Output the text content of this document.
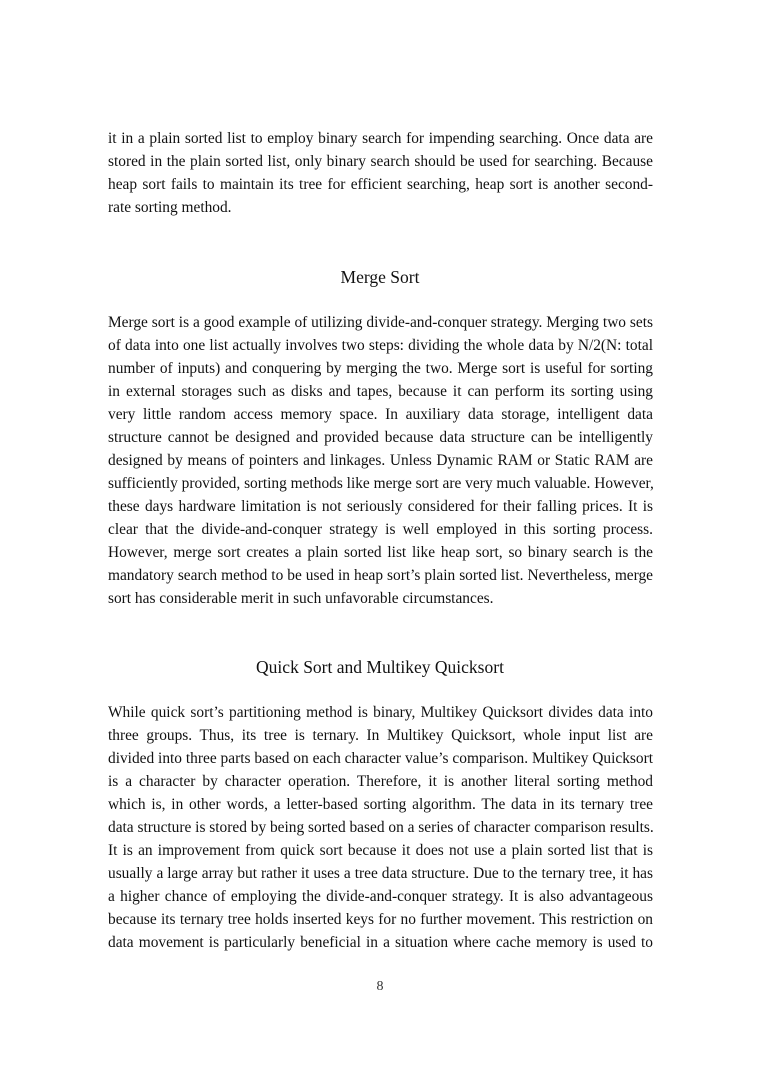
it in a plain sorted list to employ binary search for impending searching. Once data are
stored in the plain sorted list, only binary search should be used for searching. Because
heap sort fails to maintain its tree for efficient searching, heap sort is another second-
rate sorting method.
Merge Sort
Merge sort is a good example of utilizing divide-and-conquer strategy. Merging two sets
of data into one list actually involves two steps: dividing the whole data by N/2(N: total
number of inputs) and conquering by merging the two. Merge sort is useful for sorting
in external storages such as disks and tapes, because it can perform its sorting using
very little random access memory space. In auxiliary data storage, intelligent data
structure cannot be designed and provided because data structure can be intelligently
designed by means of pointers and linkages. Unless Dynamic RAM or Static RAM are
sufficiently provided, sorting methods like merge sort are very much valuable. However,
these days hardware limitation is not seriously considered for their falling prices. It is
clear that the divide-and-conquer strategy is well employed in this sorting process.
However, merge sort creates a plain sorted list like heap sort, so binary search is the
mandatory search method to be used in heap sort’s plain sorted list. Nevertheless, merge
sort has considerable merit in such unfavorable circumstances.
Quick Sort and Multikey Quicksort
While quick sort’s partitioning method is binary, Multikey Quicksort divides data into
three groups. Thus, its tree is ternary. In Multikey Quicksort, whole input list are
divided into three parts based on each character value’s comparison. Multikey Quicksort
is a character by character operation. Therefore, it is another literal sorting method
which is, in other words, a letter-based sorting algorithm. The data in its ternary tree
data structure is stored by being sorted based on a series of character comparison results.
It is an improvement from quick sort because it does not use a plain sorted list that is
usually a large array but rather it uses a tree data structure. Due to the ternary tree, it has
a higher chance of employing the divide-and-conquer strategy. It is also advantageous
because its ternary tree holds inserted keys for no further movement. This restriction on
data movement is particularly beneficial in a situation where cache memory is used to
8
